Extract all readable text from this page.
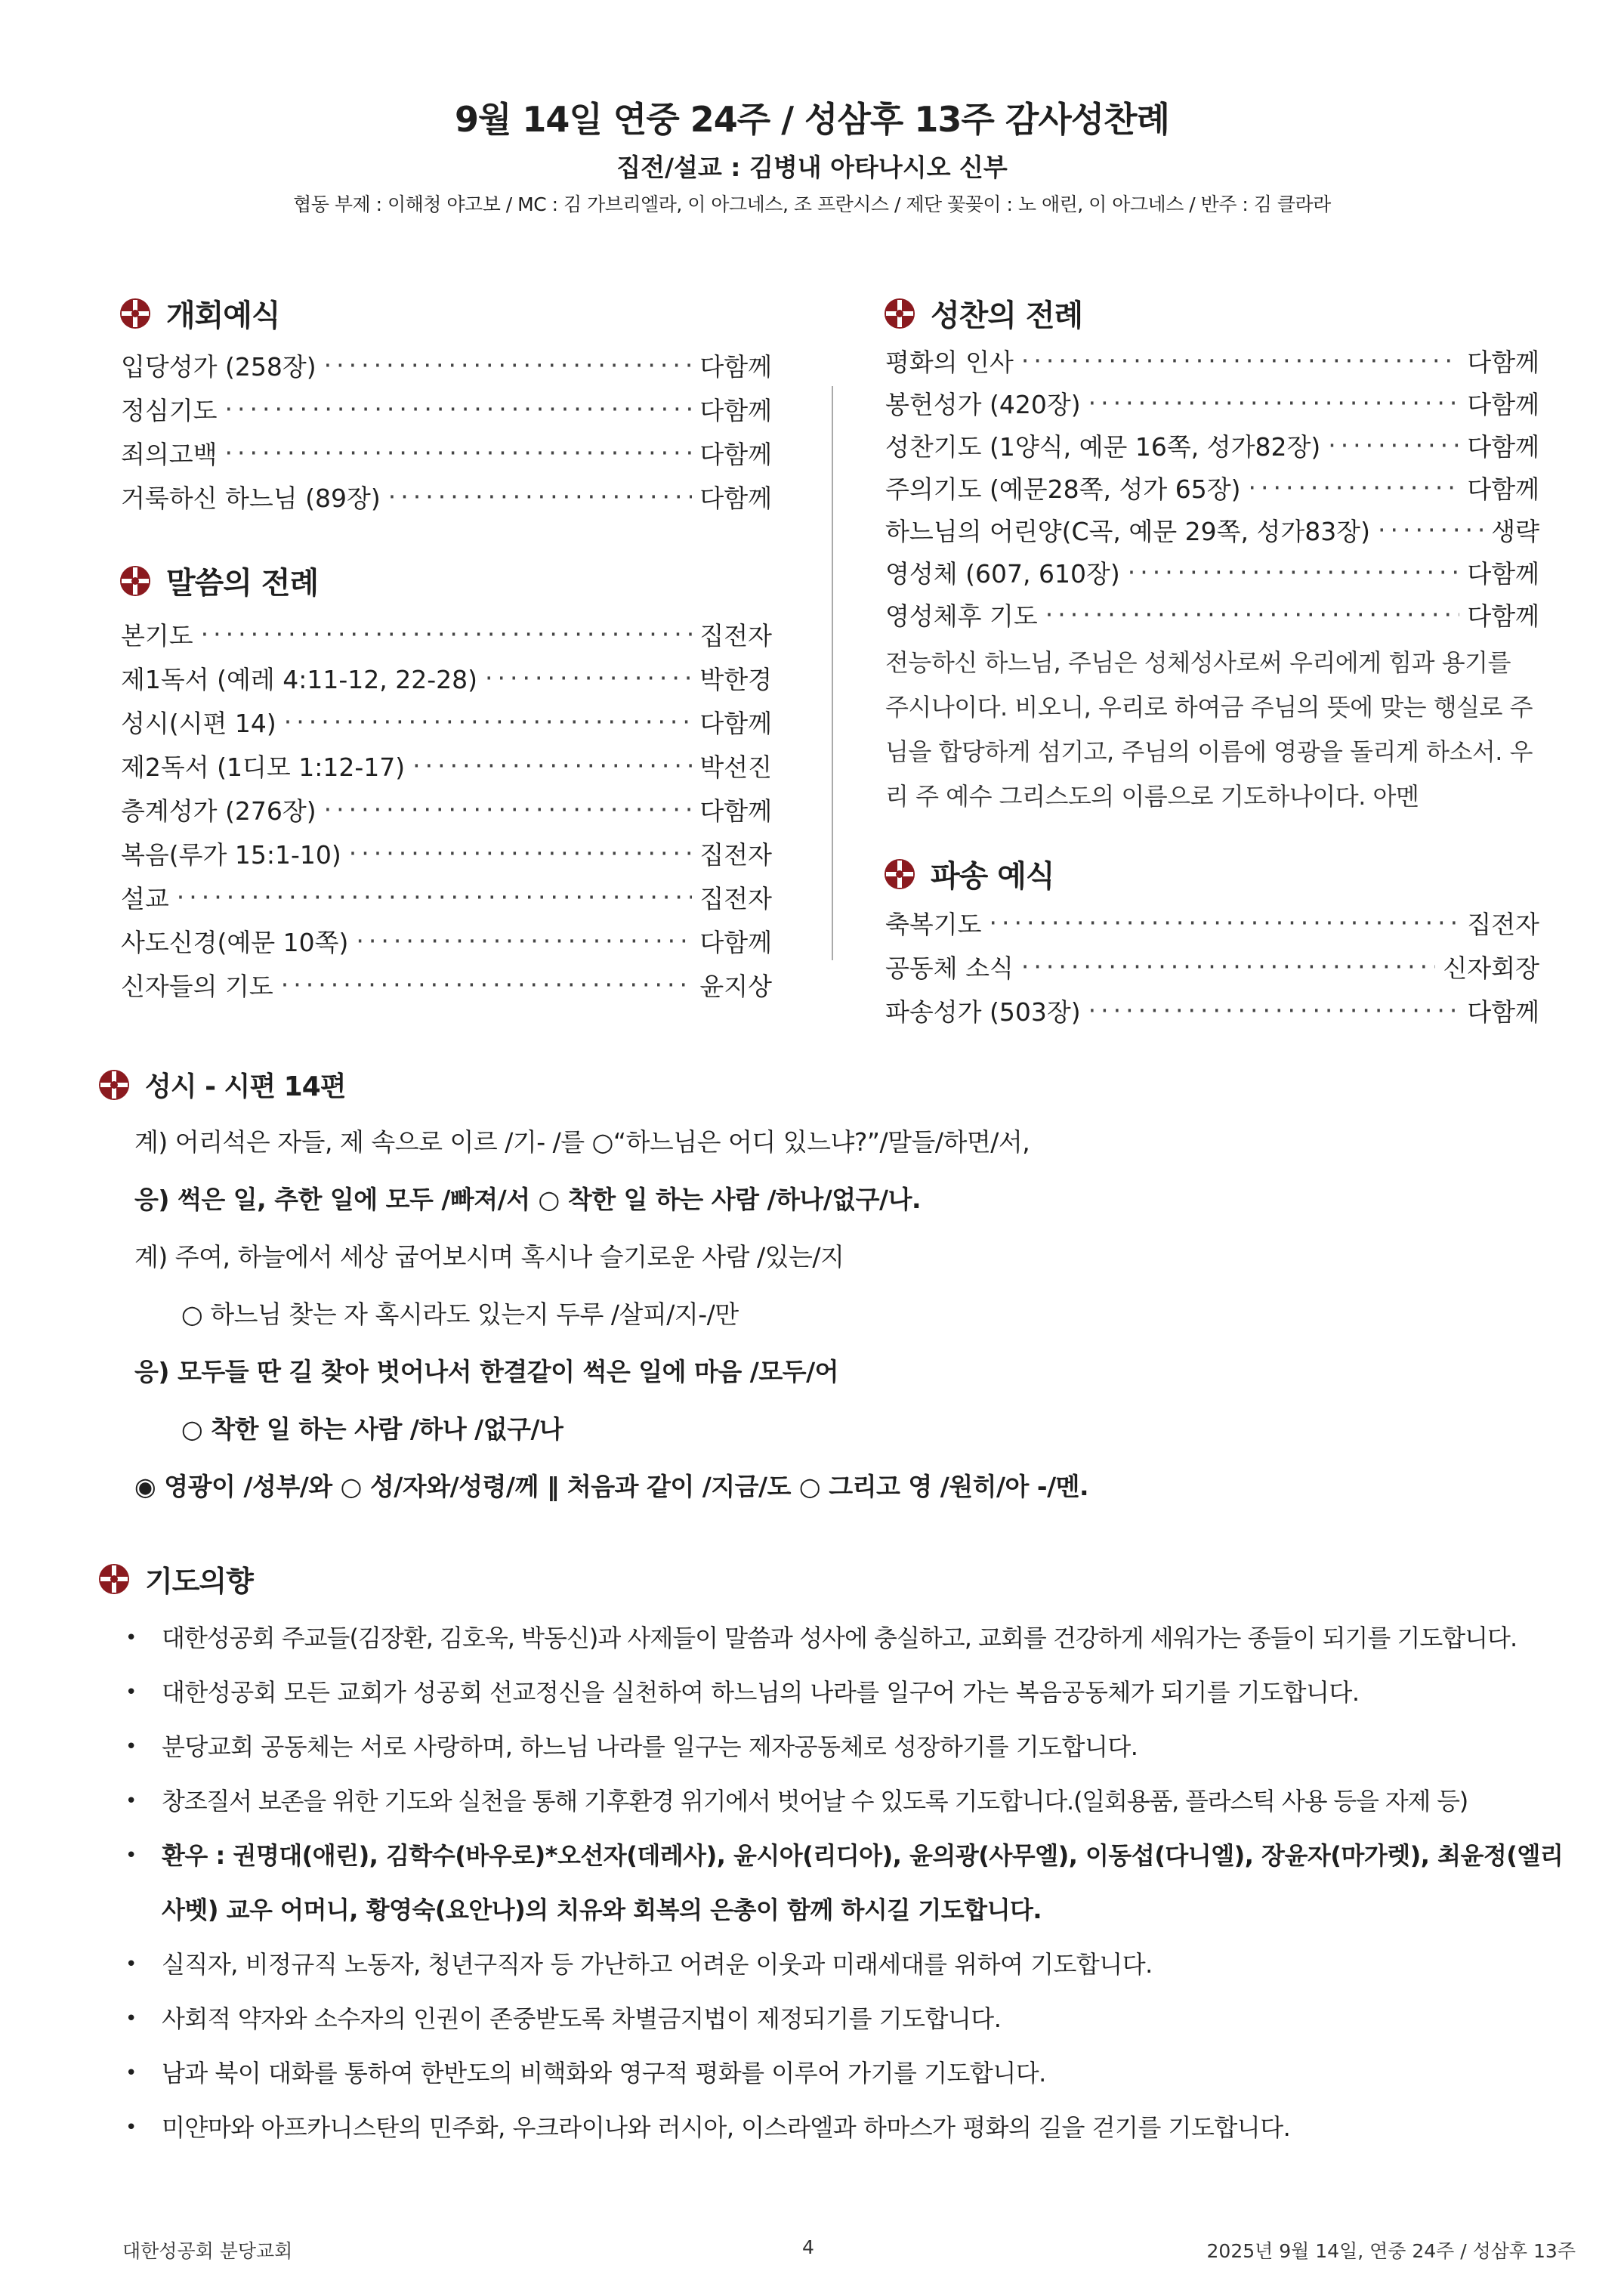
9월 14일 연중 24주 / 성삼후 13주 감사성찬례
집전/설교 : 김병내 아타나시오 신부
협동 부제 : 이해청 야고보 / MC : 김 가브리엘라, 이 아그네스, 조 프란시스 / 제단 꽃꽂이 : 노 애린, 이 아그네스 / 반주 : 김 클라라
개회예식
입당성가 (258장) ·····	다함께
정심기도 ·····	다함께
죄의고백 ·····	다함께
거룩하신 하느님 (89장) ·····	다함께
말씀의 전례
본기도 ·····	집전자
제1독서 (예레 4:11-12, 22-28) ·····	박한경
성시(시편 14) ·····	다함께
제2독서 (1디모 1:12-17) ·····	박선진
층계성가 (276장) ·····	다함께
복음(루가 15:1-10) ·····	집전자
설교 ·····	집전자
사도신경(예문 10쪽) ·····	다함께
신자들의 기도 ·····	윤지상
성찬의 전례
평화의 인사 ·····	다함께
봉헌성가 (420장) ·····	다함께
성찬기도 (1양식, 예문 16쪽, 성가82장) ·····	다함께
주의기도 (예문28쪽, 성가 65장) ·····	다함께
하느님의 어린양(C곡, 예문 29쪽, 성가83장) ·····	생략
영성체 (607, 610장) ·····	다함께
영성체후 기도 ·····	다함께
전능하신 하느님, 주님은 성체성사로써 우리에게 힘과 용기를 주시나이다. 비오니, 우리로 하여금 주님의 뜻에 맞는 행실로 주님을 합당하게 섬기고, 주님의 이름에 영광을 돌리게 하소서. 우리 주 예수 그리스도의 이름으로 기도하나이다. 아멘
파송 예식
축복기도 ·····	집전자
공동체 소식 ·····	신자회장
파송성가 (503장) ·····	다함께
성시 - 시편 14편
계) 어리석은 자들, 제 속으로 이르 /기- /를 ○“하느님은 어디 있느냐?”/말들/하면/서,
응) 썩은 일, 추한 일에 모두 /빠져/서 ○ 착한 일 하는 사람 /하나/없구/나.
계) 주여, 하늘에서 세상 굽어보시며 혹시나 슬기로운 사람 /있는/지
○ 하느님 찾는 자 혹시라도 있는지 두루 /살피/지-/만
응) 모두들 딴 길 찾아 벗어나서 한결같이 썩은 일에 마음 /모두/어
○ 착한 일 하는 사람 /하나 /없구/나
◉ 영광이 /성부/와 ○ 성/자와/성령/께 ‖ 처음과 같이 /지금/도 ○ 그리고 영 /원히/아 -/멘.
기도의향
•	대한성공회 주교들(김장환, 김호욱, 박동신)과 사제들이 말씀과 성사에 충실하고, 교회를 건강하게 세워가는 종들이 되기를 기도합니다.
•	대한성공회 모든 교회가 성공회 선교정신을 실천하여 하느님의 나라를 일구어 가는 복음공동체가 되기를 기도합니다.
•	분당교회 공동체는 서로 사랑하며, 하느님 나라를 일구는 제자공동체로 성장하기를 기도합니다.
•	창조질서 보존을 위한 기도와 실천을 통해 기후환경 위기에서 벗어날 수 있도록 기도합니다.(일회용품, 플라스틱 사용 등을 자제 등)
•	환우 : 권명대(애린), 김학수(바우로)*오선자(데레사), 윤시아(리디아), 윤의광(사무엘), 이동섭(다니엘), 장윤자(마가렛), 최윤정(엘리사벳) 교우 어머니, 황영숙(요안나)의 치유와 회복의 은총이 함께 하시길 기도합니다.
•	실직자, 비정규직 노동자, 청년구직자 등 가난하고 어려운 이웃과 미래세대를 위하여 기도합니다.
•	사회적 약자와 소수자의 인권이 존중받도록 차별금지법이 제정되기를 기도합니다.
•	남과 북이 대화를 통하여 한반도의 비핵화와 영구적 평화를 이루어 가기를 기도합니다.
•	미얀마와 아프카니스탄의 민주화, 우크라이나와 러시아, 이스라엘과 하마스가 평화의 길을 걷기를 기도합니다.
대한성공회 분당교회	4	2025년 9월 14일, 연중 24주 / 성삼후 13주
